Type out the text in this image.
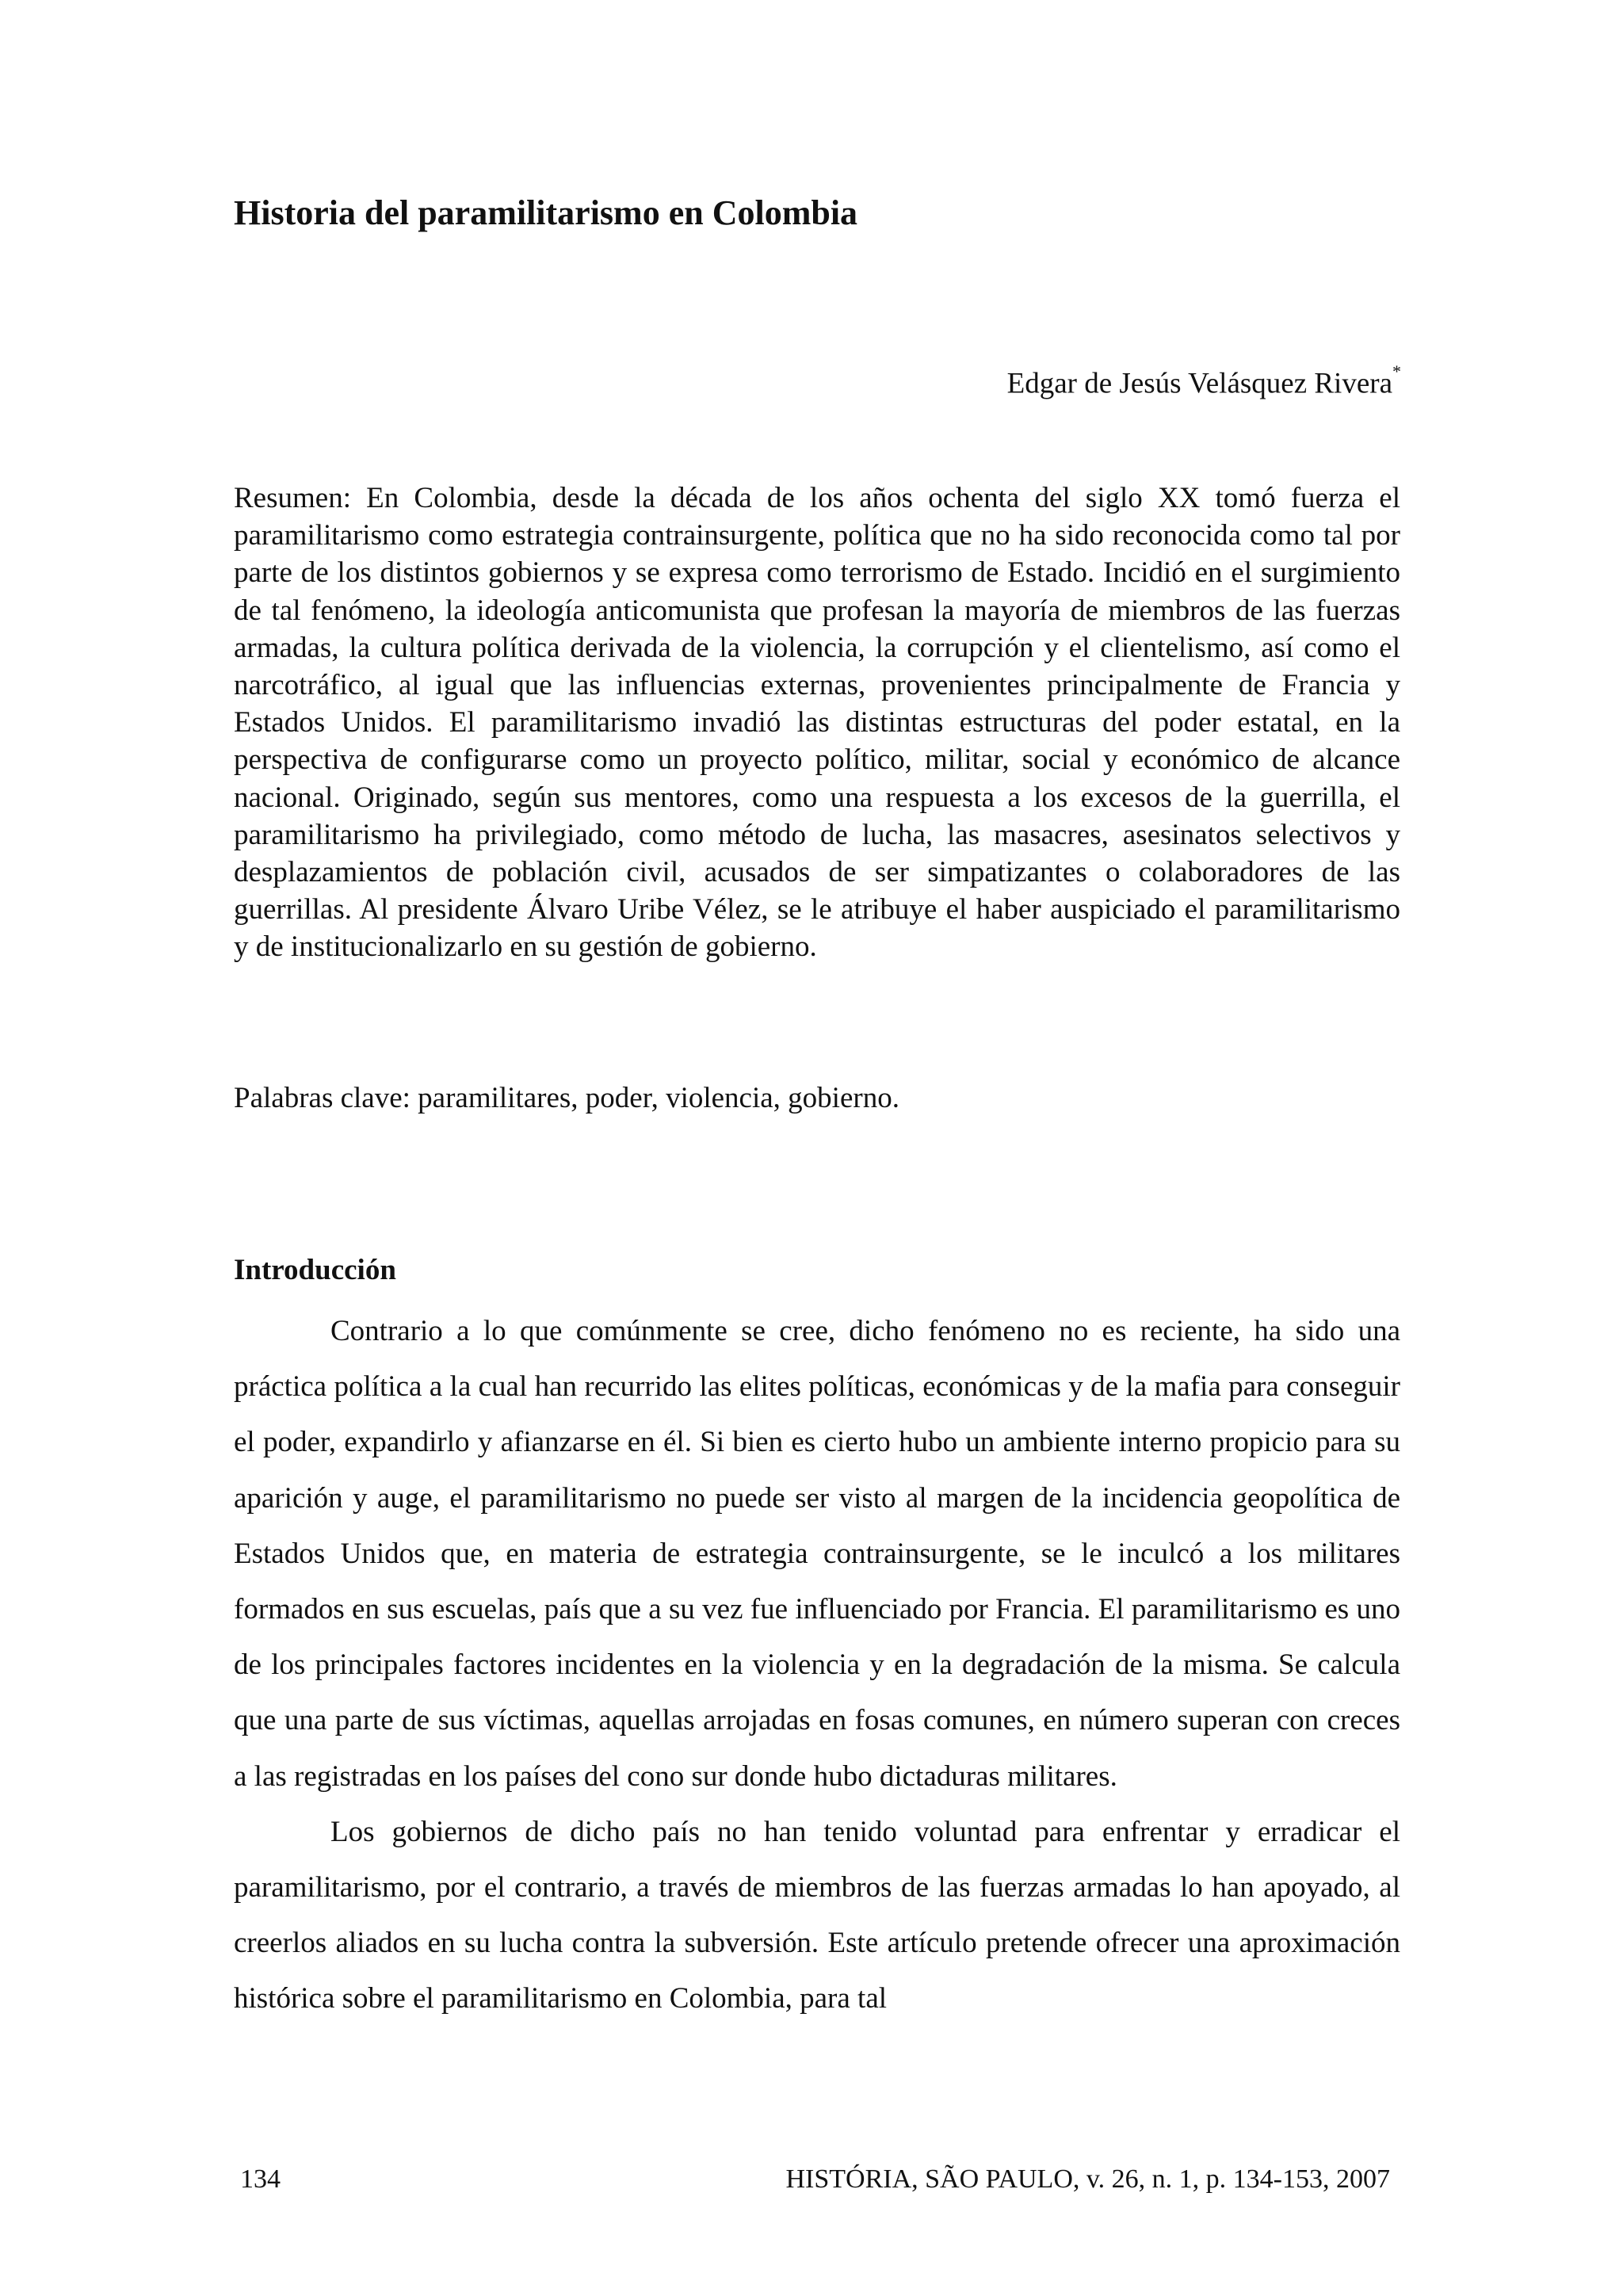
Historia del paramilitarismo en Colombia

Edgar de Jesús Velásquez Rivera*

Resumen: En Colombia, desde la década de los años ochenta del siglo XX tomó fuerza el paramilitarismo como estrategia contrainsurgente, política que no ha sido reconocida como tal por parte de los distintos gobiernos y se expresa como terrorismo de Estado. Incidió en el surgimiento de tal fenómeno, la ideología anticomunista que profesan la mayoría de miembros de las fuerzas armadas, la cultura política derivada de la violencia, la corrupción y el clientelismo, así como el narcotráfico, al igual que las influencias externas, provenientes principalmente de Francia y Estados Unidos. El paramilitarismo invadió las distintas estructuras del poder estatal, en la perspectiva de configurarse como un proyecto político, militar, social y económico de alcance nacional. Originado, según sus mentores, como una respuesta a los excesos de la guerrilla, el paramilitarismo ha privilegiado, como método de lucha, las masacres, asesinatos selectivos y desplazamientos de población civil, acusados de ser simpatizantes o colaboradores de las guerrillas. Al presidente Álvaro Uribe Vélez, se le atribuye el haber auspiciado el paramilitarismo y de institucionalizarlo en su gestión de gobierno.

Palabras clave: paramilitares, poder, violencia, gobierno.

Introducción

Contrario a lo que comúnmente se cree, dicho fenómeno no es reciente, ha sido una práctica política a la cual han recurrido las elites políticas, económicas y de la mafia para conseguir el poder, expandirlo y afianzarse en él. Si bien es cierto hubo un ambiente interno propicio para su aparición y auge, el paramilitarismo no puede ser visto al margen de la incidencia geopolítica de Estados Unidos que, en materia de estrategia contrainsurgente, se le inculcó a los militares formados en sus escuelas, país que a su vez fue influenciado por Francia. El paramilitarismo es uno de los principales factores incidentes en la violencia y en la degradación de la misma. Se calcula que una parte de sus víctimas, aquellas arrojadas en fosas comunes, en número superan con creces a las registradas en los países del cono sur donde hubo dictaduras militares.

Los gobiernos de dicho país no han tenido voluntad para enfrentar y erradicar el paramilitarismo, por el contrario, a través de miembros de las fuerzas armadas lo han apoyado, al creerlos aliados en su lucha contra la subversión. Este artículo pretende ofrecer una aproximación histórica sobre el paramilitarismo en Colombia, para tal

134	HISTÓRIA, SÃO PAULO, v. 26, n. 1, p. 134-153, 2007
